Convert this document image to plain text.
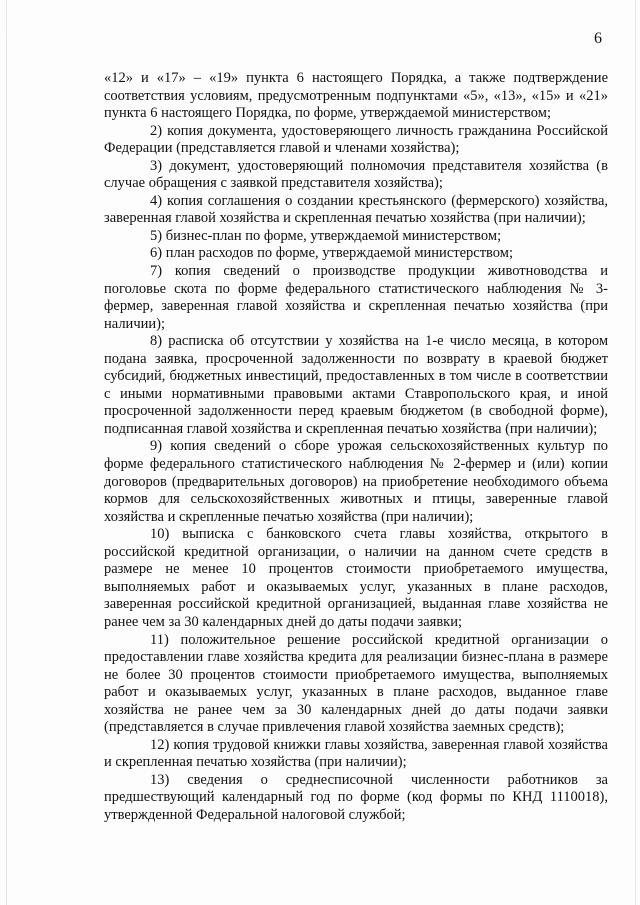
6

«12» и «17» – «19» пункта 6 настоящего Порядка, а также подтверждение соответствия условиям, предусмотренным подпунктами «5», «13», «15» и «21» пункта 6 настоящего Порядка, по форме, утверждаемой министерством;

2) копия документа, удостоверяющего личность гражданина Российской Федерации (представляется главой и членами хозяйства);

3) документ, удостоверяющий полномочия представителя хозяйства (в случае обращения с заявкой представителя хозяйства);

4) копия соглашения о создании крестьянского (фермерского) хозяйства, заверенная главой хозяйства и скрепленная печатью хозяйства (при наличии);

5) бизнес-план по форме, утверждаемой министерством;

6) план расходов по форме, утверждаемой министерством;

7) копия сведений о производстве продукции животноводства и поголовье скота по форме федерального статистического наблюдения № 3-фермер, заверенная главой хозяйства и скрепленная печатью хозяйства (при наличии);

8) расписка об отсутствии у хозяйства на 1-е число месяца, в котором подана заявка, просроченной задолженности по возврату в краевой бюджет субсидий, бюджетных инвестиций, предоставленных в том числе в соответствии с иными нормативными правовыми актами Ставропольского края, и иной просроченной задолженности перед краевым бюджетом (в свободной форме), подписанная главой хозяйства и скрепленная печатью хозяйства (при наличии);

9) копия сведений о сборе урожая сельскохозяйственных культур по форме федерального статистического наблюдения № 2-фермер и (или) копии договоров (предварительных договоров) на приобретение необходимого объема кормов для сельскохозяйственных животных и птицы, заверенные главой хозяйства и скрепленные печатью хозяйства (при наличии);

10) выписка с банковского счета главы хозяйства, открытого в российской кредитной организации, о наличии на данном счете средств в размере не менее 10 процентов стоимости приобретаемого имущества, выполняемых работ и оказываемых услуг, указанных в плане расходов, заверенная российской кредитной организацией, выданная главе хозяйства не ранее чем за 30 календарных дней до даты подачи заявки;

11) положительное решение российской кредитной организации о предоставлении главе хозяйства кредита для реализации бизнес-плана в размере не более 30 процентов стоимости приобретаемого имущества, выполняемых работ и оказываемых услуг, указанных в плане расходов, выданное главе хозяйства не ранее чем за 30 календарных дней до даты подачи заявки (представляется в случае привлечения главой хозяйства заемных средств);

12) копия трудовой книжки главы хозяйства, заверенная главой хозяйства и скрепленная печатью хозяйства (при наличии);

13) сведения о среднесписочной численности работников за предшествующий календарный год по форме (код формы по КНД 1110018), утвержденной Федеральной налоговой службой;
